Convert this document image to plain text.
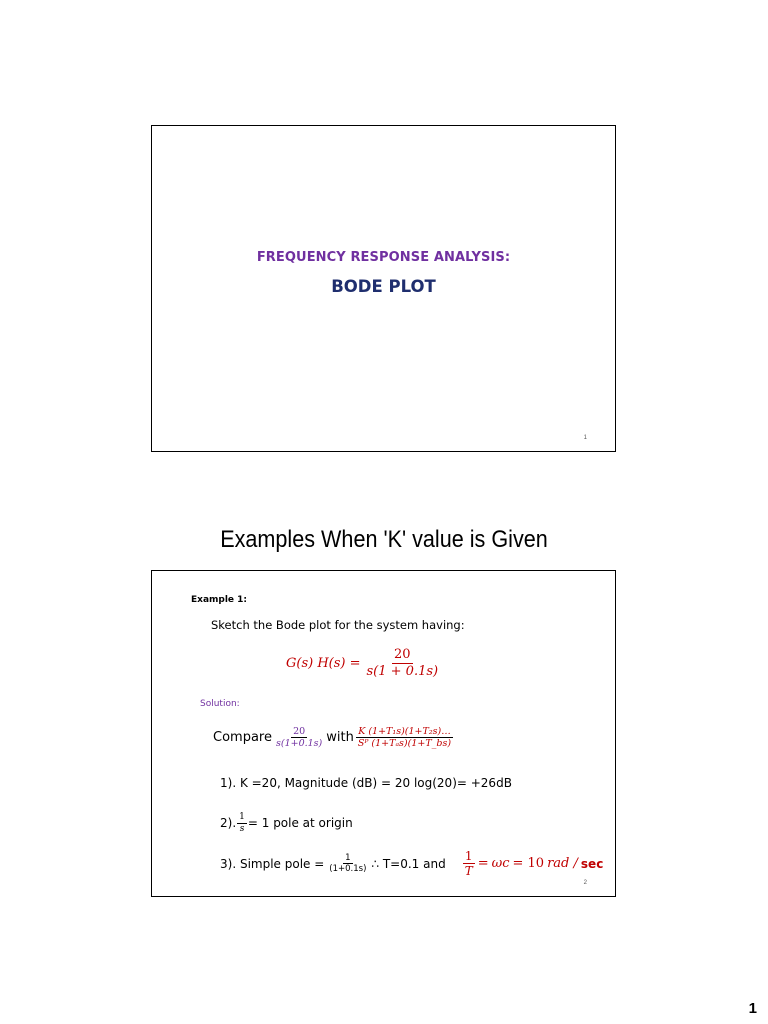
FREQUENCY RESPONSE ANALYSIS:
BODE PLOT
1
Examples When 'K' value is Given
Example 1:
Sketch the Bode plot for the system having:
G(s) $H(s) = \frac{20}{s(1 + 0.1s)}$
Solution:
Compare $\frac{20}{s(1+0.1s)}$ with $\frac{\text{K (1+T₁s)(1+T₂s)…}}{\text{Sᴾ (1+Tₐs)(1+T\_bs)}}$
1). K =20, Magnitude (dB) = 20 log(20)= +26dB
2). $\frac{1}{s} = 1$ pole at origin
3). Simple pole = $\frac{1}{(1+0.1s)}$ ∴ T=0.1 and $\frac{1}{T} = \omega c = 10$ rad / sec
2
1
